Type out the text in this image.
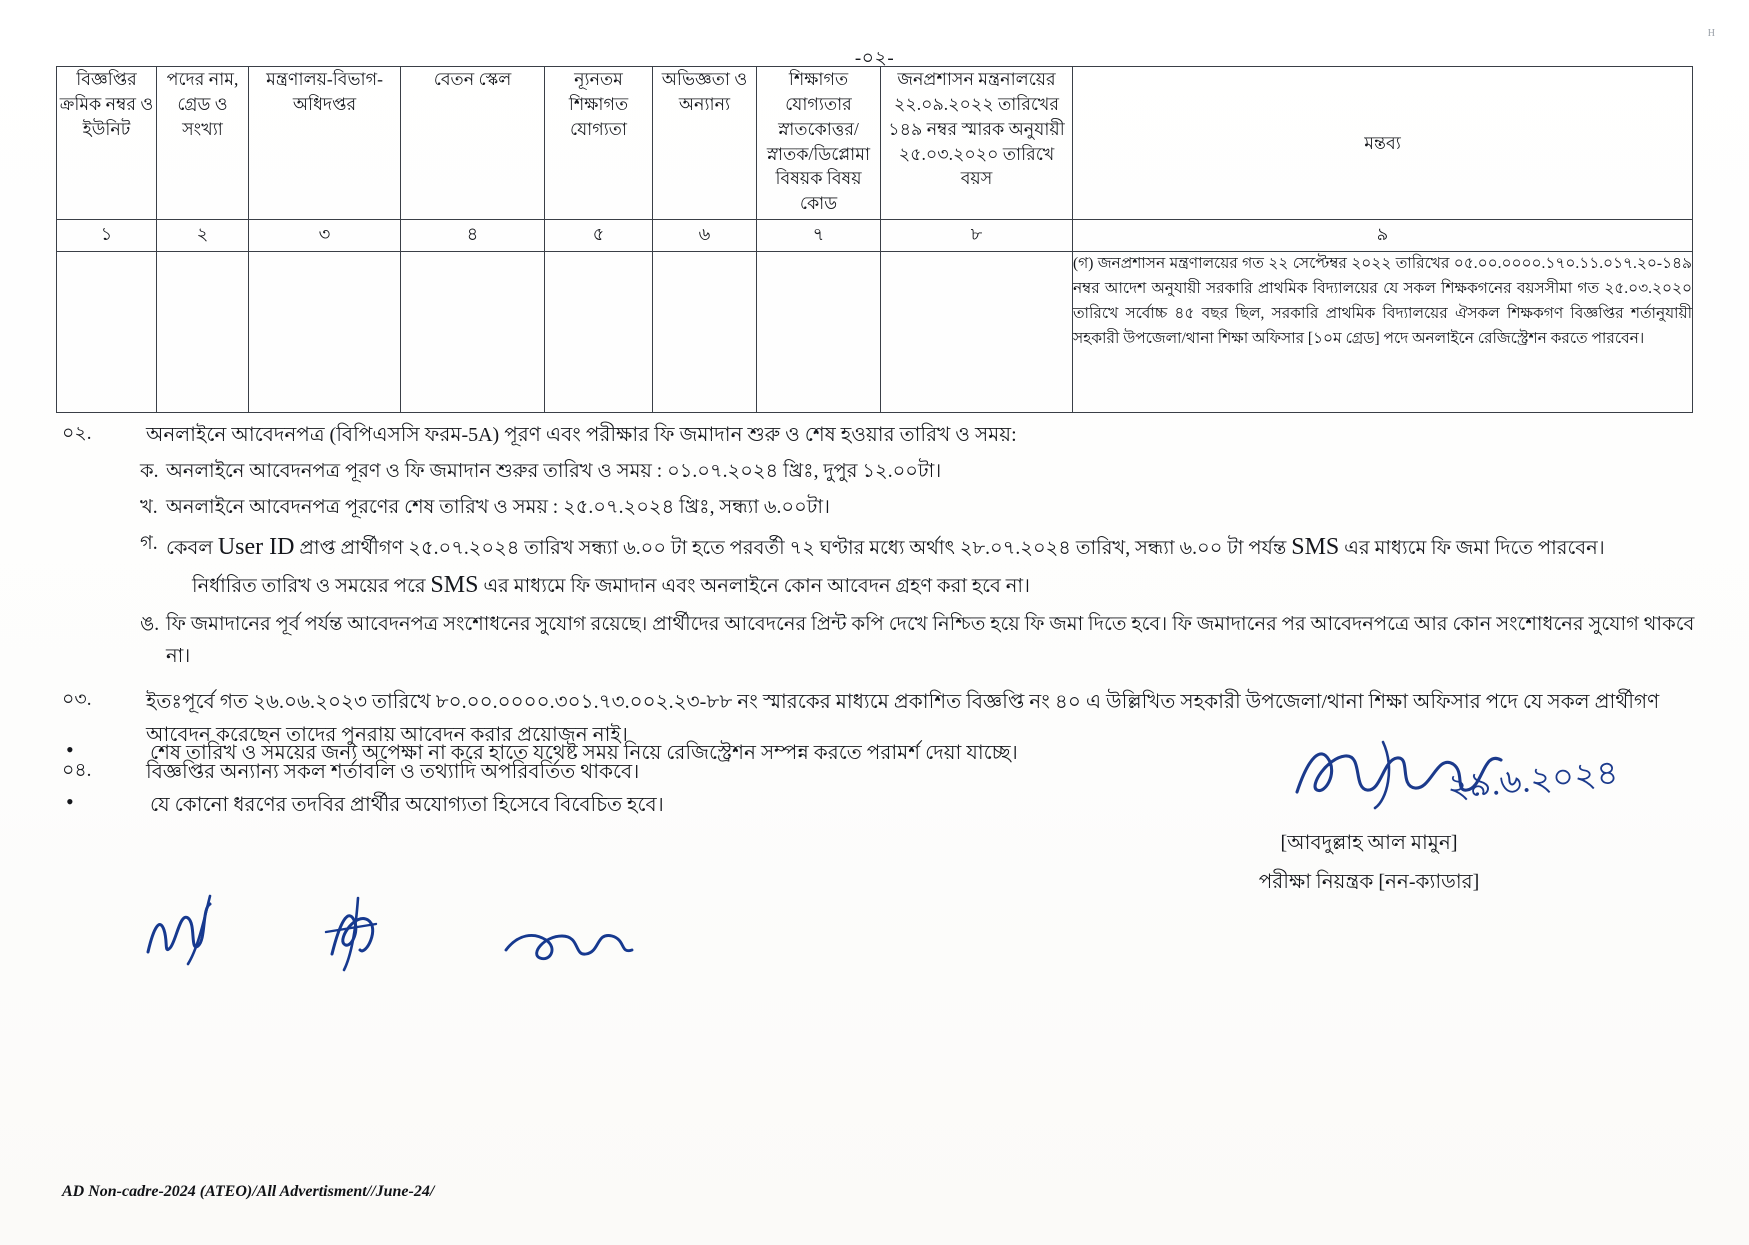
H
-০২-
বিজ্ঞপ্তির ক্রমিক নম্বর ও ইউনিট	পদের নাম, গ্রেড ও সংখ্যা	মন্ত্রণালয়-বিভাগ-অধিদপ্তর	বেতন স্কেল	ন্যূনতম শিক্ষাগত যোগ্যতা	অভিজ্ঞতা ও অন্যান্য	শিক্ষাগত যোগ্যতার স্নাতকোত্তর/স্নাতক/ডিপ্লোমা বিষয়ক বিষয় কোড	জনপ্রশাসন মন্ত্রনালয়ের ২২.০৯.২০২২ তারিখের ১৪৯ নম্বর স্মারক অনুযায়ী ২৫.০৩.২০২০ তারিখে বয়স	মন্তব্য
১	২	৩	৪	৫	৬	৭	৮	৯
								(গ) জনপ্রশাসন মন্ত্রণালয়ের গত ২২ সেপ্টেম্বর ২০২২ তারিখের ০৫.০০.০০০০.১৭০.১১.০১৭.২০-১৪৯ নম্বর আদেশ অনুযায়ী সরকারি প্রাথমিক বিদ্যালয়ের যে সকল শিক্ষকগনের বয়সসীমা গত ২৫.০৩.২০২০ তারিখে সর্বোচ্চ ৪৫ বছর ছিল, সরকারি প্রাথমিক বিদ্যালয়ের ঐসকল শিক্ষকগণ বিজ্ঞপ্তির শর্তানুযায়ী সহকারী উপজেলা/থানা শিক্ষা অফিসার [১০ম গ্রেড] পদে অনলাইনে রেজিস্ট্রেশন করতে পারবেন।
০২.	অনলাইনে আবেদনপত্র (বিপিএসসি ফরম-5A) পূরণ এবং পরীক্ষার ফি জমাদান শুরু ও শেষ হওয়ার তারিখ ও সময়:
ক. অনলাইনে আবেদনপত্র পূরণ ও ফি জমাদান শুরুর তারিখ ও সময় : ০১.০৭.২০২৪ খ্রিঃ, দুপুর ১২.০০টা।
খ. অনলাইনে আবেদনপত্র পূরণের শেষ তারিখ ও সময় : ২৫.০৭.২০২৪ খ্রিঃ, সন্ধ্যা ৬.০০টা।
গ. কেবল User ID প্রাপ্ত প্রার্থীগণ ২৫.০৭.২০২৪ তারিখ সন্ধ্যা ৬.০০ টা হতে পরবর্তী ৭২ ঘণ্টার মধ্যে অর্থাৎ ২৮.০৭.২০২৪ তারিখ, সন্ধ্যা ৬.০০ টা পর্যন্ত SMS এর মাধ্যমে ফি জমা দিতে পারবেন।
নির্ধারিত তারিখ ও সময়ের পরে SMS এর মাধ্যমে ফি জমাদান এবং অনলাইনে কোন আবেদন গ্রহণ করা হবে না।
ঙ. ফি জমাদানের পূর্ব পর্যন্ত আবেদনপত্র সংশোধনের সুযোগ রয়েছে। প্রার্থীদের আবেদনের প্রিন্ট কপি দেখে নিশ্চিত হয়ে ফি জমা দিতে হবে। ফি জমাদানের পর আবেদনপত্রে আর কোন সংশোধনের সুযোগ থাকবে না।
০৩.	ইতঃপূর্বে গত ২৬.০৬.২০২৩ তারিখে ৮০.০০.০০০০.৩০১.৭৩.০০২.২৩-৮৮ নং স্মারকের মাধ্যমে প্রকাশিত বিজ্ঞপ্তি নং ৪০ এ উল্লিখিত সহকারী উপজেলা/থানা শিক্ষা অফিসার পদে যে সকল প্রার্থীগণ আবেদন করেছেন তাদের পুনরায় আবেদন করার প্রয়োজন নাই।
০৪.	বিজ্ঞপ্তির অন্যান্য সকল শর্তাবলি ও তথ্যাদি অপরিবর্তিত থাকবে।
•	শেষ তারিখ ও সময়ের জন্য অপেক্ষা না করে হাতে যথেষ্ট সময় নিয়ে রেজিস্ট্রেশন সম্পন্ন করতে পরামর্শ দেয়া যাচ্ছে।
•	যে কোনো ধরণের তদবির প্রার্থীর অযোগ্যতা হিসেবে বিবেচিত হবে।	২৯.৬.২০২৪
[আবদুল্লাহ আল মামুন]
পরীক্ষা নিয়ন্ত্রক [নন-ক্যাডার]
AD Non-cadre-2024 (ATEO)/All Advertisment//June-24/
